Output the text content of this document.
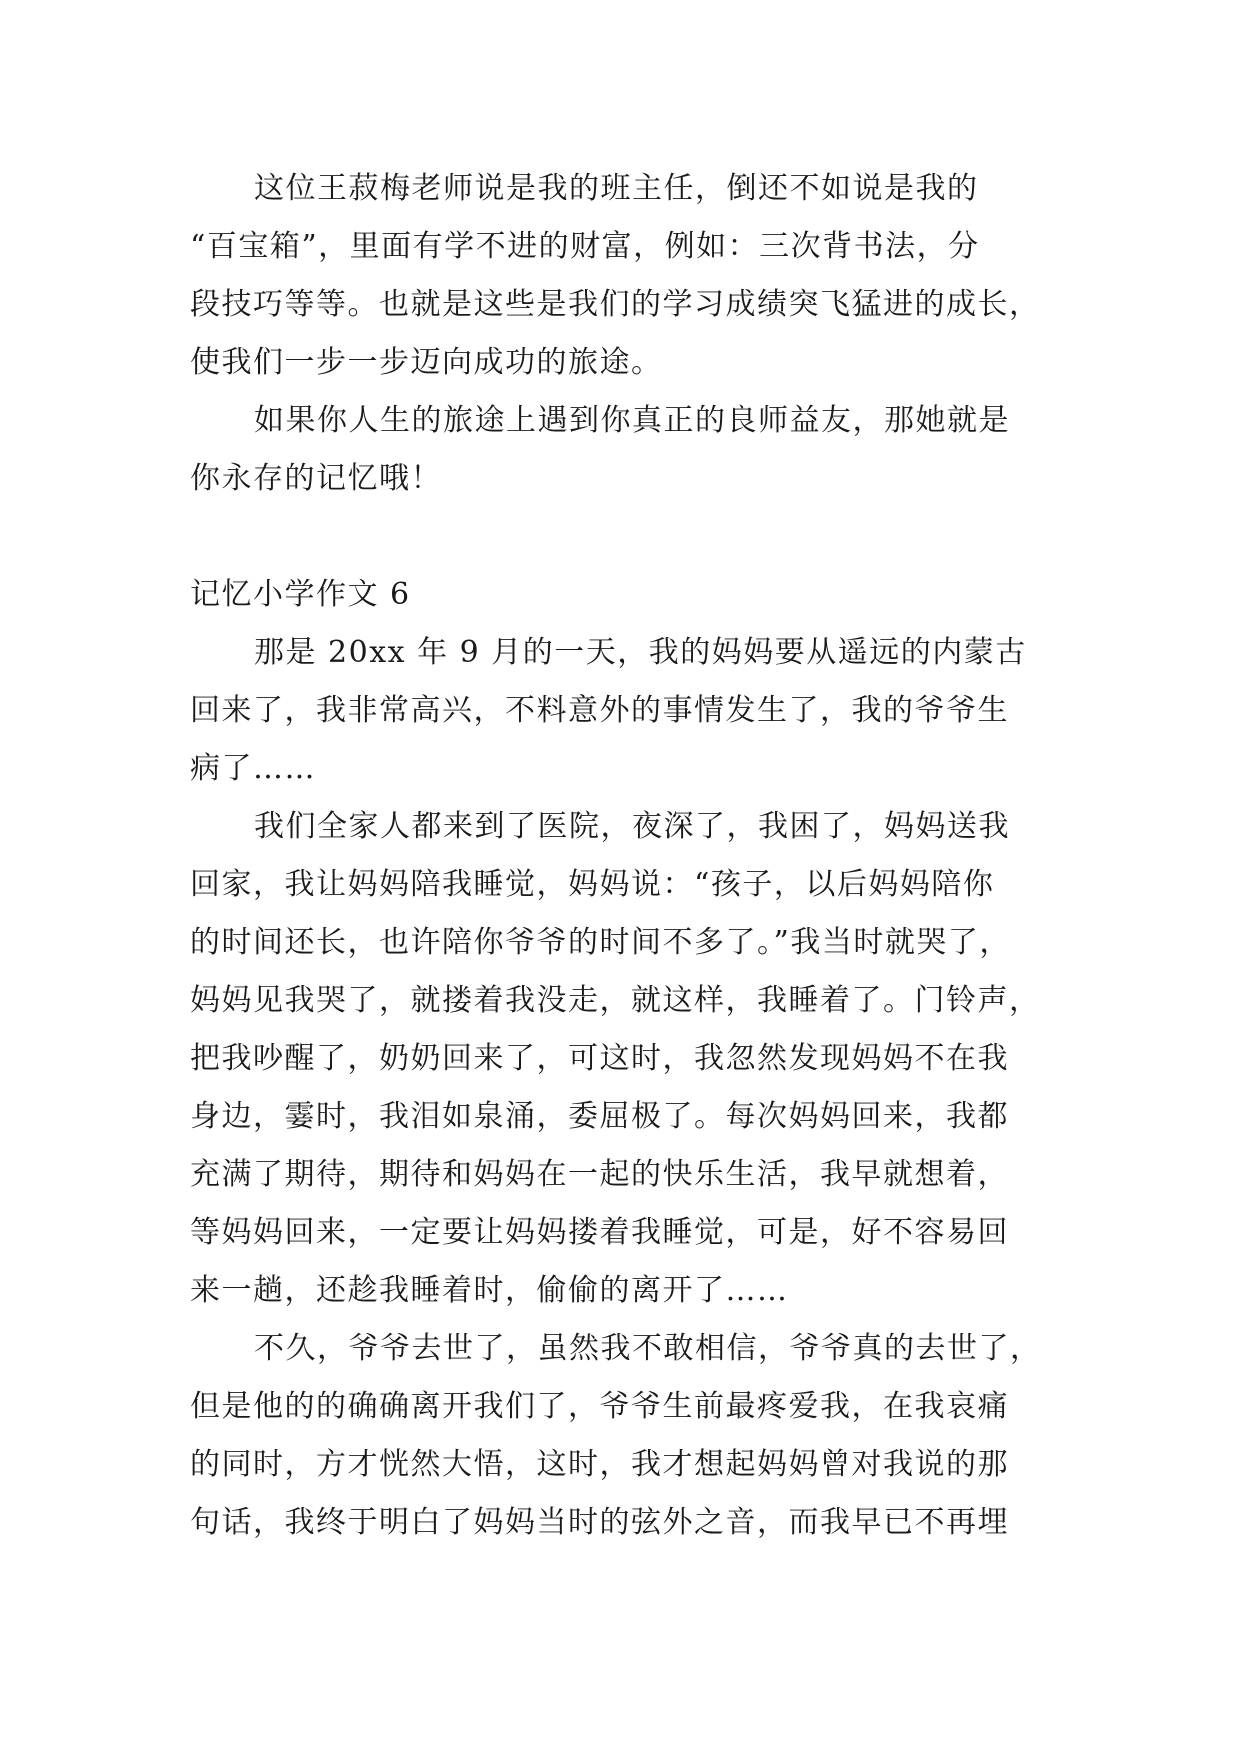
这位王菽梅老师说是我的班主任，倒还不如说是我的
“百宝箱”，里面有学不进的财富，例如：三次背书法，分
段技巧等等。也就是这些是我们的学习成绩突飞猛进的成长，
使我们一步一步迈向成功的旅途。
如果你人生的旅途上遇到你真正的良师益友，那她就是
你永存的记忆哦！
记忆小学作文 6
那是 20xx 年 9 月的一天，我的妈妈要从遥远的内蒙古
回来了，我非常高兴，不料意外的事情发生了，我的爷爷生
病了……
我们全家人都来到了医院，夜深了，我困了，妈妈送我
回家，我让妈妈陪我睡觉，妈妈说：“孩子，以后妈妈陪你
的时间还长，也许陪你爷爷的时间不多了。”我当时就哭了，
妈妈见我哭了，就搂着我没走，就这样，我睡着了。门铃声，
把我吵醒了，奶奶回来了，可这时，我忽然发现妈妈不在我
身边，霎时，我泪如泉涌，委屈极了。每次妈妈回来，我都
充满了期待，期待和妈妈在一起的快乐生活，我早就想着，
等妈妈回来，一定要让妈妈搂着我睡觉，可是，好不容易回
来一趟，还趁我睡着时，偷偷的离开了……
不久，爷爷去世了，虽然我不敢相信，爷爷真的去世了，
但是他的的确确离开我们了，爷爷生前最疼爱我，在我哀痛
的同时，方才恍然大悟，这时，我才想起妈妈曾对我说的那
句话，我终于明白了妈妈当时的弦外之音，而我早已不再埋
